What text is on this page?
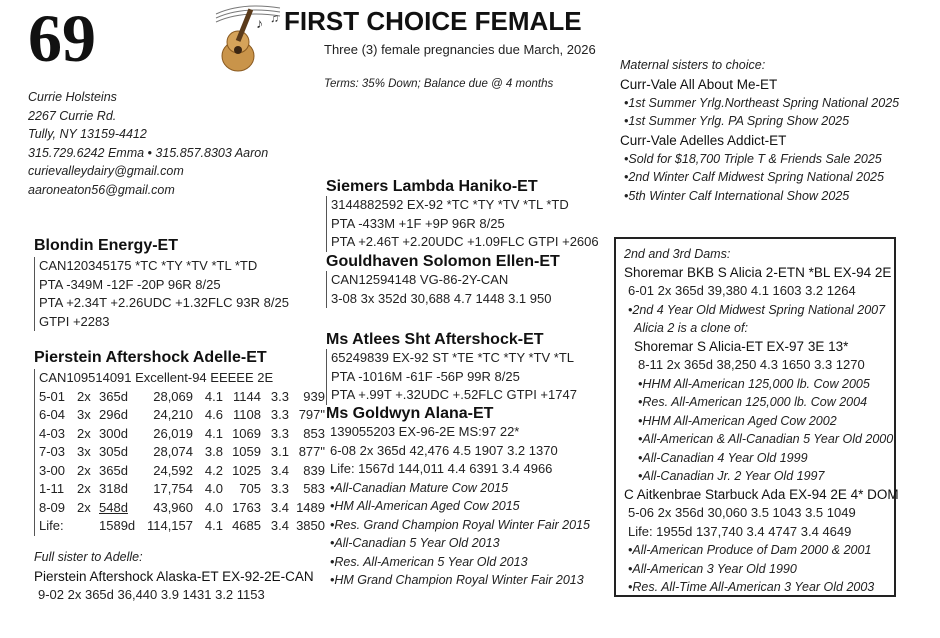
69	♪ ♫ FIRST CHOICE FEMALE
Three (3) female pregnancies due March, 2026
Terms: 35% Down; Balance due @ 4 months
Currie Holsteins
2267 Currie Rd.
Tully, NY 13159-4412
315.729.6242 Emma • 315.857.8303 Aaron
curievalleydairy@gmail.com
aaroneaton56@gmail.com
Blondin Energy-ET
CAN120345175 *TC *TY *TV *TL *TD
PTA -349M -12F -20P 96R 8/25
PTA +2.34T +2.26UDC +1.32FLC 93R 8/25
GTPI +2283
Pierstein Aftershock Adelle-ET
CAN109514091 Excellent-94 EEEEE 2E
5-01 2x 365d	28,069 4.1 1144 3.3	939
6-04 3x 296d	24,210 4.6 1108 3.3 797"
4-03 2x 300d	26,019 4.1 1069 3.3	853
7-03 3x 305d	28,074 3.8 1059 3.1 877"
3-00 2x 365d	24,592 4.2 1025 3.4	839
1-11 2x 318d	17,754 4.0	705 3.3	583
8-09 2x 548d	43,960 4.0 1763 3.4 1489
Life:	1589d 114,157 4.1 4685 3.4 3850
Full sister to Adelle:
Pierstein Aftershock Alaska-ET EX-92-2E-CAN
9-02 2x 365d 36,440 3.9 1431 3.2 1153
Siemers Lambda Haniko-ET
3144882592 EX-92 *TC *TY *TV *TL *TD
PTA -433M +1F +9P 96R 8/25
PTA +2.46T +2.20UDC +1.09FLC GTPI +2606
Gouldhaven Solomon Ellen-ET
CAN12594148 VG-86-2Y-CAN
3-08 3x 352d 30,688 4.7 1448 3.1 950
Ms Atlees Sht Aftershock-ET
65249839 EX-92 ST *TE *TC *TY *TV *TL
PTA -1016M -61F -56P 99R 8/25
PTA +.99T +.32UDC +.52FLC GTPI +1747
Ms Goldwyn Alana-ET
139055203 EX-96-2E MS:97 22*
6-08 2x 365d 42,476 4.5 1907 3.2 1370
Life: 1567d 144,011 4.4 6391 3.4 4966
•All-Canadian Mature Cow 2015
•HM All-American Aged Cow 2015
•Res. Grand Champion Royal Winter Fair 2015
•All-Canadian 5 Year Old 2013
•Res. All-American 5 Year Old 2013
•HM Grand Champion Royal Winter Fair 2013
Maternal sisters to choice:
Curr-Vale All About Me-ET
•1st Summer Yrlg.Northeast Spring National 2025
•1st Summer Yrlg. PA Spring Show 2025
Curr-Vale Adelles Addict-ET
•Sold for $18,700 Triple T & Friends Sale 2025
•2nd Winter Calf Midwest Spring National 2025
•5th Winter Calf International Show 2025
2nd and 3rd Dams:
Shoremar BKB S Alicia 2-ETN *BL EX-94 2E
6-01 2x 365d 39,380 4.1 1603 3.2 1264
•2nd 4 Year Old Midwest Spring National 2007
Alicia 2 is a clone of:
Shoremar S Alicia-ET EX-97 3E 13*
8-11 2x 365d 38,250 4.3 1650 3.3 1270
•HHM All-American 125,000 lb. Cow 2005
•Res. All-American 125,000 lb. Cow 2004
•HHM All-American Aged Cow 2002
•All-American & All-Canadian 5 Year Old 2000
•All-Canadian 4 Year Old 1999
•All-Canadian Jr. 2 Year Old 1997
C Aitkenbrae Starbuck Ada EX-94 2E 4* DOM
5-06 2x 356d 30,060 3.5 1043 3.5 1049
Life: 1955d 137,740 3.4 4747 3.4 4649
•All-American Produce of Dam 2000 & 2001
•All-American 3 Year Old 1990
•Res. All-Time All-American 3 Year Old 2003
